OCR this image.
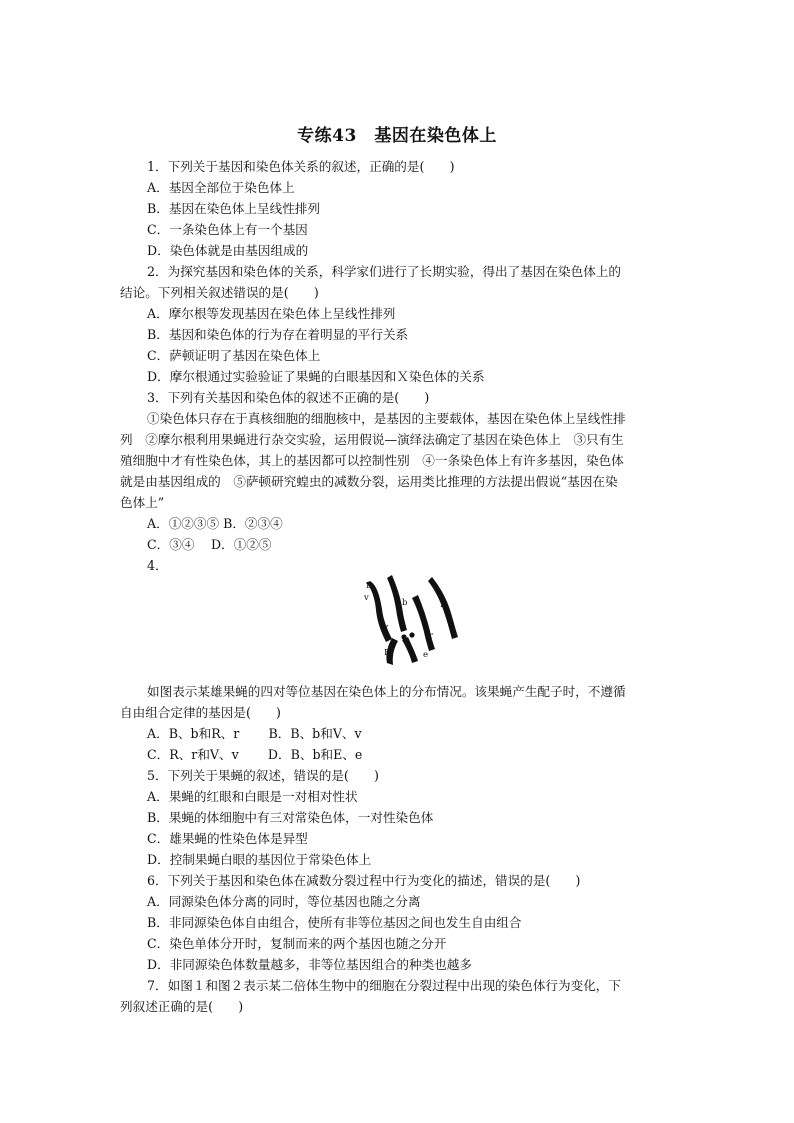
专练43　基因在染色体上
1．下列关于基因和染色体关系的叙述，正确的是(　　)
A．基因全部位于染色体上
B．基因在染色体上呈线性排列
C．一条染色体上有一个基因
D．染色体就是由基因组成的
2．为探究基因和染色体的关系，科学家们进行了长期实验，得出了基因在染色体上的
结论。下列相关叙述错误的是(　　)
A．摩尔根等发现基因在染色体上呈线性排列
B．基因和染色体的行为存在着明显的平行关系
C．萨顿证明了基因在染色体上
D．摩尔根通过实验验证了果蝇的白眼基因和Ｘ染色体的关系
3．下列有关基因和染色体的叙述不正确的是(　　)
①染色体只存在于真核细胞的细胞核中，是基因的主要载体，基因在染色体上呈线性排
列　②摩尔根利用果蝇进行杂交实验，运用假说—演绎法确定了基因在染色体上　③只有生
殖细胞中才有性染色体，其上的基因都可以控制性别　④一条染色体上有许多基因，染色体
就是由基因组成的　⑤萨顿研究蝗虫的减数分裂，运用类比推理的方法提出假说“基因在染
色体上”
A．①②③⑤ B．②③④
C．③④　 D．①②⑤
4．
B
v	b
V
R
r
E	e
如图表示某雄果蝇的四对等位基因在染色体上的分布情况。该果蝇产生配子时，不遵循
自由组合定律的基因是(　　)
A．B、b和R、r　　 B．B、b和V、v
C．R、r和V、v　　 D．B、b和E、e
5．下列关于果蝇的叙述，错误的是(　　)
A．果蝇的红眼和白眼是一对相对性状
B．果蝇的体细胞中有三对常染色体，一对性染色体
C．雄果蝇的性染色体是异型
D．控制果蝇白眼的基因位于常染色体上
6．下列关于基因和染色体在减数分裂过程中行为变化的描述，错误的是(　　)
A．同源染色体分离的同时，等位基因也随之分离
B．非同源染色体自由组合，使所有非等位基因之间也发生自由组合
C．染色单体分开时，复制而来的两个基因也随之分开
D．非同源染色体数量越多，非等位基因组合的种类也越多
7．如图１和图２表示某二倍体生物中的细胞在分裂过程中出现的染色体行为变化，下
列叙述正确的是(　　)
